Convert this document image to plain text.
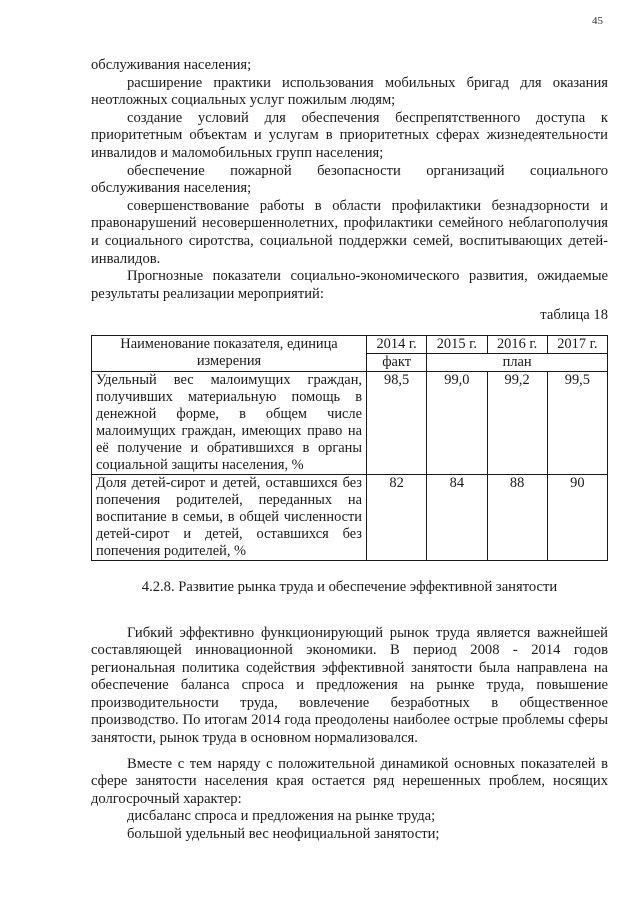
45

обслуживания населения;

расширение практики использования мобильных бригад для оказания неотложных социальных услуг пожилым людям;

создание условий для обеспечения беспрепятственного доступа к приоритетным объектам и услугам в приоритетных сферах жизнедеятельности инвалидов и маломобильных групп населения;

обеспечение пожарной безопасности организаций социального обслуживания населения;

совершенствование работы в области профилактики безнадзорности и правонарушений несовершеннолетних, профилактики семейного неблагополучия и социального сиротства, социальной поддержки семей, воспитывающих детей-инвалидов.

Прогнозные показатели социально-экономического развития, ожидаемые результаты реализации мероприятий:

таблица 18

Наименование показателя, единица измерения	2014 г.	2015 г.	2016 г.	2017 г.
	факт	план		
Удельный вес малоимущих граждан, получивших материальную помощь в денежной форме, в общем числе малоимущих граждан, имеющих право на её получение и обратившихся в органы социальной защиты населения, %	98,5	99,0	99,2	99,5
Доля детей-сирот и детей, оставшихся без попечения родителей, переданных на воспитание в семьи, в общей численности детей-сирот и детей, оставшихся без попечения родителей, %	82	84	88	90

4.2.8. Развитие рынка труда и обеспечение эффективной занятости

Гибкий эффективно функционирующий рынок труда является важнейшей составляющей инновационной экономики. В период 2008 - 2014 годов региональная политика содействия эффективной занятости была направлена на обеспечение баланса спроса и предложения на рынке труда, повышение производительности труда, вовлечение безработных в общественное производство. По итогам 2014 года преодолены наиболее острые проблемы сферы занятости, рынок труда в основном нормализовался.

Вместе с тем наряду с положительной динамикой основных показателей в сфере занятости населения края остается ряд нерешенных проблем, носящих долгосрочный характер:

дисбаланс спроса и предложения на рынке труда;

большой удельный вес неофициальной занятости;
